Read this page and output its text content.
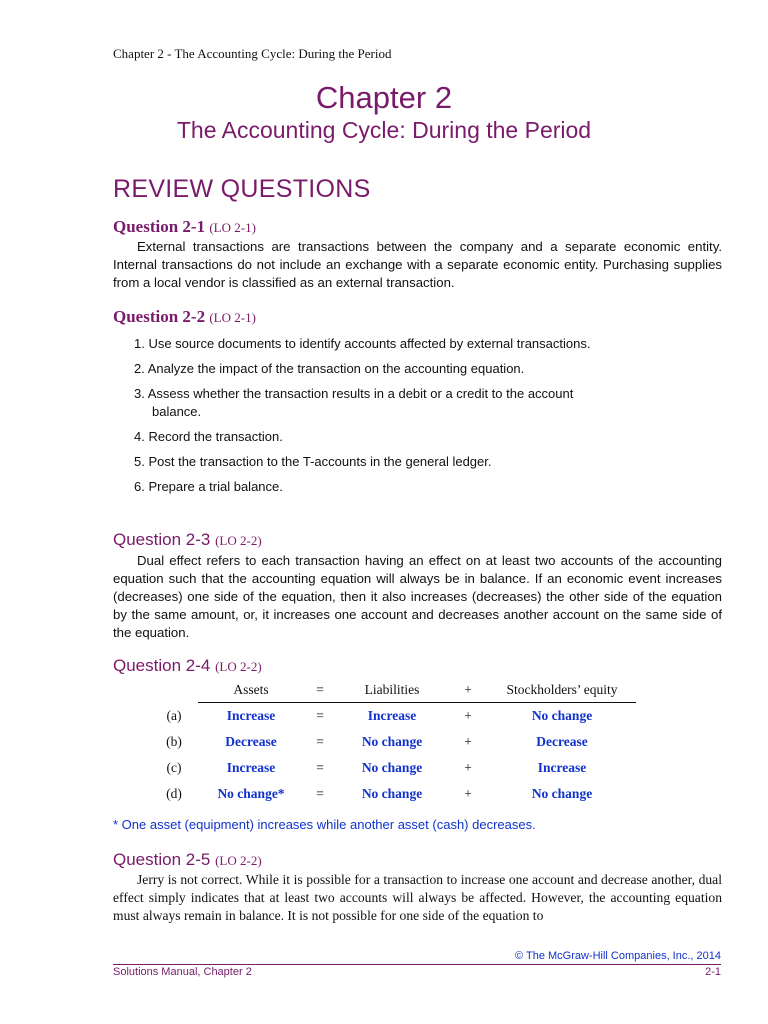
Chapter 2 - The Accounting Cycle: During the Period
Chapter 2
The Accounting Cycle: During the Period
REVIEW QUESTIONS
Question 2-1 (LO 2-1)
External transactions are transactions between the company and a separate economic entity. Internal transactions do not include an exchange with a separate economic entity. Purchasing supplies from a local vendor is classified as an external transaction.
Question 2-2 (LO 2-1)
1. Use source documents to identify accounts affected by external transactions.
2. Analyze the impact of the transaction on the accounting equation.
3. Assess whether the transaction results in a debit or a credit to the account
balance.
4. Record the transaction.
5. Post the transaction to the T-accounts in the general ledger.
6. Prepare a trial balance.
Question 2-3 (LO 2-2)
Dual effect refers to each transaction having an effect on at least two accounts of the accounting equation such that the accounting equation will always be in balance. If an economic event increases (decreases) one side of the equation, then it also increases (decreases) the other side of the equation by the same amount, or, it increases one account and decreases another account on the same side of the equation.
Question 2-4 (LO 2-2)
	Assets	=	Liabilities	+	Stockholders’ equity
(a)	Increase	=	Increase	+	No change
(b)	Decrease	=	No change	+	Decrease
(c)	Increase	=	No change	+	Increase
(d)	No change*	=	No change	+	No change
* One asset (equipment) increases while another asset (cash) decreases.
Question 2-5 (LO 2-2)
Jerry is not correct. While it is possible for a transaction to increase one account and decrease another, dual effect simply indicates that at least two accounts will always be affected. However, the accounting equation must always remain in balance. It is not possible for one side of the equation to
© The McGraw-Hill Companies, Inc., 2014
Solutions Manual, Chapter 2	2-1
